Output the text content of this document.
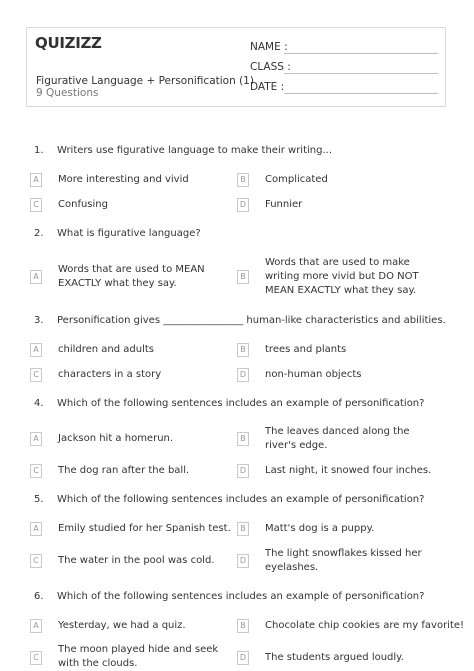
QUIZIZZ
Figurative Language + Personification (1)
9 Questions
NAME :
CLASS :
DATE :
1. Writers use figurative language to make their writing...
A	More interesting and vivid	B	Complicated
C	Confusing	D Funnier
2. What is figurative language?
A
Words that are used to MEAN EXACTLY what they say.
B
Words that are used to make writing more vivid but DO NOT MEAN EXACTLY what they say.
3. Personification gives ________________ human-like characteristics and abilities.
A	children and adults	B	trees and plants
C	characters in a story	D non-human objects
4. Which of the following sentences includes an example of personification?
A	Jackson hit a homerun.	B
The leaves danced along the river's edge.
C	The dog ran after the ball.	D Last night, it snowed four inches.
5. Which of the following sentences includes an example of personification?
A	Emily studied for her Spanish test.	B	Matt's dog is a puppy.
C	The water in the pool was cold.	D
The light snowflakes kissed her eyelashes.
6. Which of the following sentences includes an example of personification?
A	Yesterday, we had a quiz.	B	Chocolate chip cookies are my favorite!
C
The moon played hide and seek with the clouds.
D The students argued loudly.
